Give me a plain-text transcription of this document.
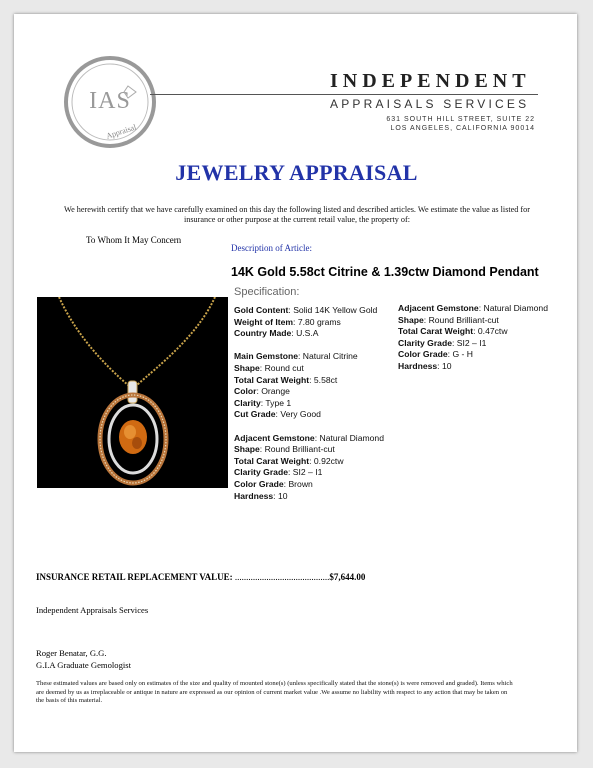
IAS
Appraisal
INDEPENDENT
APPRAISALS SERVICES
631 SOUTH HILL STREET, SUITE 22
LOS ANGELES, CALIFORNIA 90014
JEWELRY APPRAISAL
We herewith certify that we have carefully examined on this day the following listed and described articles. We estimate the value as listed for insurance or other purpose at the current retail value, the property of:
To Whom It May Concern
Description of Article:
14K Gold 5.58ct Citrine & 1.39ctw Diamond Pendant
Specification:
Gold Content: Solid 14K Yellow Gold
Weight of Item: 7.80 grams
Country Made: U.S.A
Main Gemstone: Natural Citrine
Shape: Round cut
Total Carat Weight: 5.58ct
Color: Orange
Clarity: Type 1
Cut Grade: Very Good
Adjacent Gemstone: Natural Diamond
Shape: Round Brilliant-cut
Total Carat Weight: 0.92ctw
Clarity Grade: SI2 – I1
Color Grade: Brown
Hardness: 10
Adjacent Gemstone: Natural Diamond
Shape: Round Brilliant-cut
Total Carat Weight: 0.47ctw
Clarity Grade: SI2 – I1
Color Grade: G - H
Hardness: 10
INSURANCE RETAIL REPLACEMENT VALUE: ..........................................$7,644.00
Independent Appraisals Services
Roger Benatar, G.G.
G.I.A Graduate Gemologist
These estimated values are based only on estimates of the size and quality of mounted stone(s) (unless specifically stated that the stone(s) is were removed and graded). Items which are deemed by us as irreplaceable or antique in nature are expressed as our opinion of current market value .We assume no liability with respect to any action that may be taken on the basis of this material.
